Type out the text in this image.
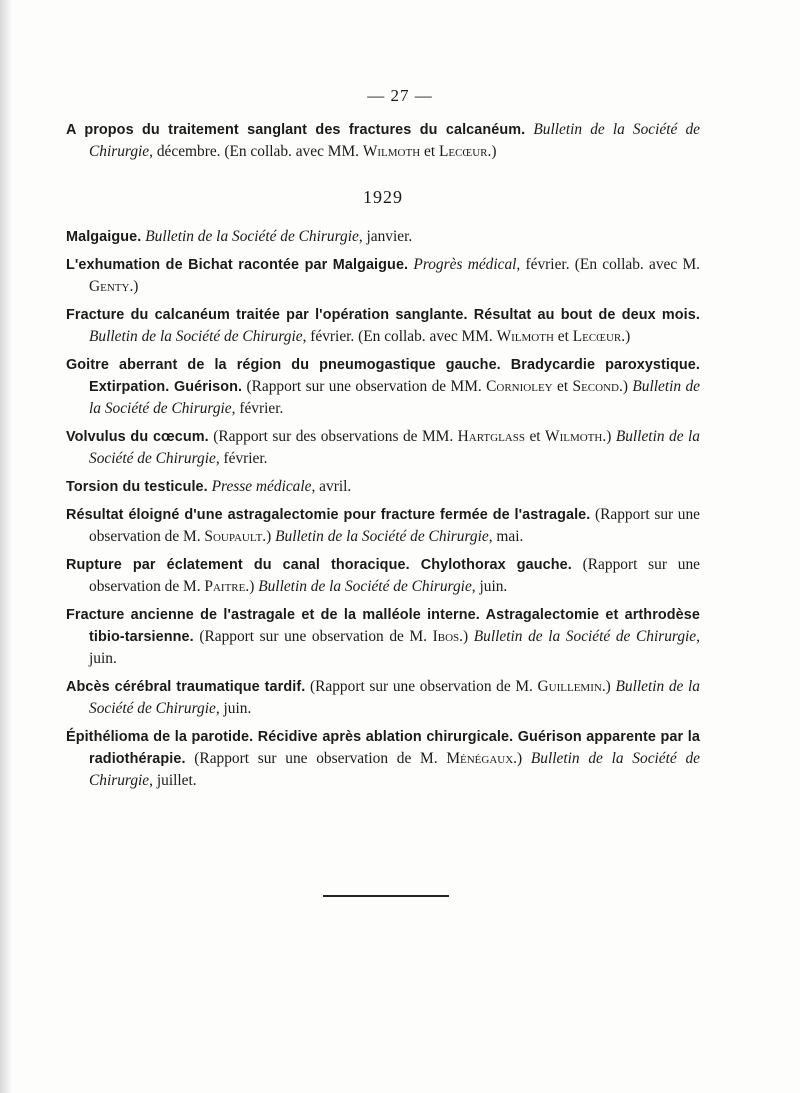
— 27 —

A propos du traitement sanglant des fractures du calcanéum. Bulletin de la Société de Chirurgie, décembre. (En collab. avec MM. Wilmoth et Lecœur.)

1929

Malgaigue. Bulletin de la Société de Chirurgie, janvier.

L'exhumation de Bichat racontée par Malgaigue. Progrès médical, février. (En collab. avec M. Genty.)

Fracture du calcanéum traitée par l'opération sanglante. Résultat au bout de deux mois. Bulletin de la Société de Chirurgie, février. (En collab. avec MM. Wilmoth et Lecœur.)

Goitre aberrant de la région du pneumogastique gauche. Bradycardie paroxystique. Extirpation. Guérison. (Rapport sur une observation de MM. Cornioley et Second.) Bulletin de la Société de Chirurgie, février.

Volvulus du cœcum. (Rapport sur des observations de MM. Hartglass et Wilmoth.) Bulletin de la Société de Chirurgie, février.

Torsion du testicule. Presse médicale, avril.

Résultat éloigné d'une astragalectomie pour fracture fermée de l'astragale. (Rapport sur une observation de M. Soupault.) Bulletin de la Société de Chirurgie, mai.

Rupture par éclatement du canal thoracique. Chylothorax gauche. (Rapport sur une observation de M. Paitre.) Bulletin de la Société de Chirurgie, juin.

Fracture ancienne de l'astragale et de la malléole interne. Astragalectomie et arthrodèse tibio-tarsienne. (Rapport sur une observation de M. Ibos.) Bulletin de la Société de Chirurgie, juin.

Abcès cérébral traumatique tardif. (Rapport sur une observation de M. Guillemin.) Bulletin de la Société de Chirurgie, juin.

Épithélioma de la parotide. Récidive après ablation chirurgicale. Guérison apparente par la radiothérapie. (Rapport sur une observation de M. Ménégaux.) Bulletin de la Société de Chirurgie, juillet.
